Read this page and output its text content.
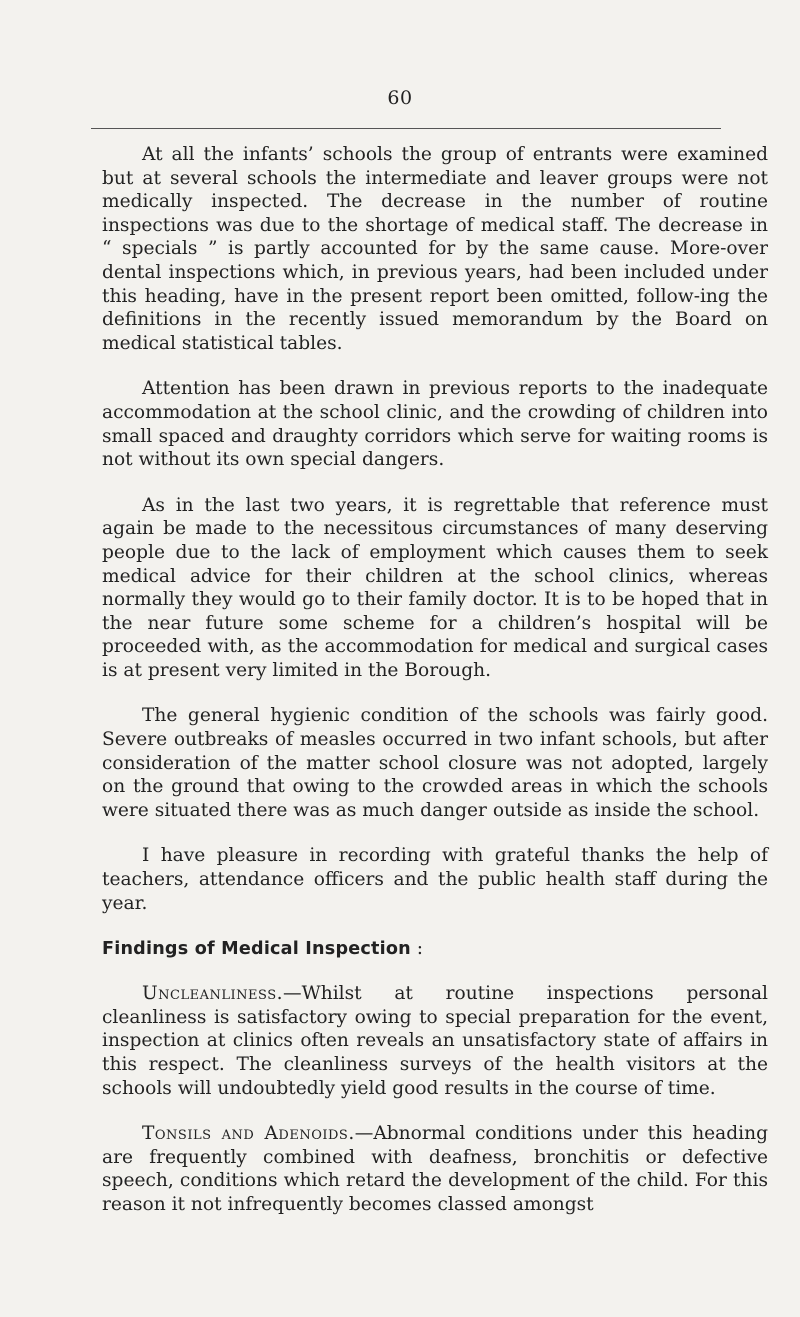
60

At all the infants’ schools the group of entrants were examined but at several schools the intermediate and leaver groups were not medically inspected. The decrease in the number of routine inspections was due to the shortage of medical staff. The decrease in “ specials ” is partly accounted for by the same cause. More-over dental inspections which, in previous years, had been included under this heading, have in the present report been omitted, follow-ing the definitions in the recently issued memorandum by the Board on medical statistical tables.

Attention has been drawn in previous reports to the inadequate accommodation at the school clinic, and the crowding of children into small spaced and draughty corridors which serve for waiting rooms is not without its own special dangers.

As in the last two years, it is regrettable that reference must again be made to the necessitous circumstances of many deserving people due to the lack of employment which causes them to seek medical advice for their children at the school clinics, whereas normally they would go to their family doctor. It is to be hoped that in the near future some scheme for a children’s hospital will be proceeded with, as the accommodation for medical and surgical cases is at present very limited in the Borough.

The general hygienic condition of the schools was fairly good. Severe outbreaks of measles occurred in two infant schools, but after consideration of the matter school closure was not adopted, largely on the ground that owing to the crowded areas in which the schools were situated there was as much danger outside as inside the school.

I have pleasure in recording with grateful thanks the help of teachers, attendance officers and the public health staff during the year.

Findings of Medical Inspection :

Uncleanliness.—Whilst at routine inspections personal cleanliness is satisfactory owing to special preparation for the event, inspection at clinics often reveals an unsatisfactory state of affairs in this respect. The cleanliness surveys of the health visitors at the schools will undoubtedly yield good results in the course of time.

Tonsils and Adenoids.—Abnormal conditions under this heading are frequently combined with deafness, bronchitis or defective speech, conditions which retard the development of the child. For this reason it not infrequently becomes classed amongst
